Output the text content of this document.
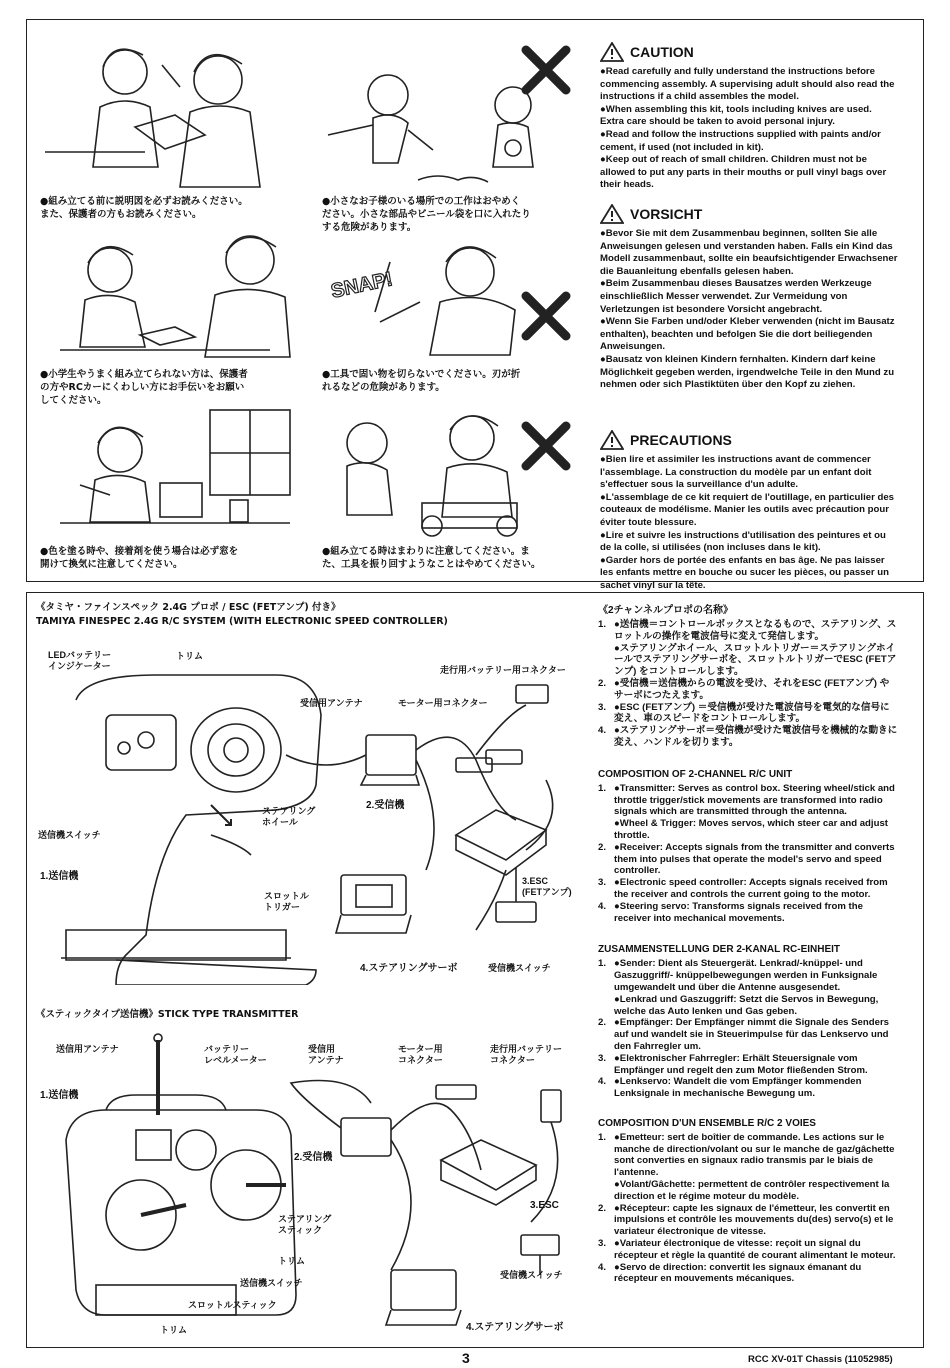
●組み立てる前に説明図を必ずお読みください。
また、保護者の方もお読みください。
●小さなお子様のいる場所での工作はおやめく
ださい。小さな部品やビニール袋を口に入れたり
する危険があります。
●小学生やうまく組み立てられない方は、保護者
の方やRCカーにくわしい方にお手伝いをお願い
してください。
SNAP!
●工具で固い物を切らないでください。刃が折
れるなどの危険があります。
●色を塗る時や、接着剤を使う場合は必ず窓を
開けて換気に注意してください。
●組み立てる時はまわりに注意してください。ま
た、工具を振り回すようなことはやめてください。
CAUTION

●Read carefully and fully understand the instructions before commencing assembly. A supervising adult should also read the instructions if a child assembles the model.

●When assembling this kit, tools including knives are used. Extra care should be taken to avoid personal injury.

●Read and follow the instructions supplied with paints and/or cement, if used (not included in kit).

●Keep out of reach of small children. Children must not be allowed to put any parts in their mouths or pull vinyl bags over their heads.

VORSICHT

●Bevor Sie mit dem Zusammenbau beginnen, sollten Sie alle Anweisungen gelesen und verstanden haben. Falls ein Kind das Modell zusammenbaut, sollte ein beaufsichtigender Erwachsener die Bauanleitung ebenfalls gelesen haben.

●Beim Zusammenbau dieses Bausatzes werden Werkzeuge einschließlich Messer verwendet. Zur Vermeidung von Verletzungen ist besondere Vorsicht angebracht.

●Wenn Sie Farben und/oder Kleber verwenden (nicht im Bausatz enthalten), beachten und befolgen Sie die dort beiliegenden Anweisungen.

●Bausatz von kleinen Kindern fernhalten. Kindern darf keine Möglichkeit gegeben werden, irgendwelche Teile in den Mund zu nehmen oder sich Plastiktüten über den Kopf zu ziehen.

PRECAUTIONS

●Bien lire et assimiler les instructions avant de commencer l'assemblage. La construction du modèle par un enfant doit s'effectuer sous la surveillance d'un adulte.

●L'assemblage de ce kit requiert de l'outillage, en particulier des couteaux de modélisme. Manier les outils avec précaution pour éviter toute blessure.

●Lire et suivre les instructions d'utilisation des peintures et ou de la colle, si utilisées (non incluses dans le kit).

●Garder hors de portée des enfants en bas âge. Ne pas laisser les enfants mettre en bouche ou sucer les pièces, ou passer un sachet vinyl sur la tête.

《タミヤ・ファインスペック 2.4G プロポ / ESC (FETアンプ) 付き》
TAMIYA FINESPEC 2.4G R/C SYSTEM (WITH ELECTRONIC SPEED CONTROLLER)
LEDバッテリー
インジケーター
トリム
走行用バッテリー用コネクター
受信用アンテナ	モーター用コネクター
ステアリング
ホイール
2.受信機
送信機スイッチ
1.送信機
スロットル
トリガー
3.ESC
(FETアンプ)
4.ステアリングサーボ	受信機スイッチ
《スティックタイプ送信機》STICK TYPE TRANSMITTER
送信用アンテナ	バッテリー
レベルメーター
受信用
アンテナ
モーター用
コネクター
走行用バッテリー
コネクター
1.送信機
2.受信機
3.ESC
ステアリング
スティック
トリム
送信機スイッチ
スロットルスティック
トリム
受信機スイッチ
4.ステアリングサーボ
《2チャンネルプロポの名称》
1. ●送信機＝コントロールボックスとなるもので、ステアリング、スロットルの操作を電波信号に変えて発信します。
●ステアリングホイール、スロットルトリガー＝ステアリングホイールでステアリングサーボを、スロットルトリガーでESC (FETアンプ) をコントロールします。
2. ●受信機＝送信機からの電波を受け、それをESC (FETアンプ) やサーボにつたえます。
3. ●ESC (FETアンプ) ＝受信機が受けた電波信号を電気的な信号に変え、車のスピードをコントロールします。
4. ●ステアリングサーボ＝受信機が受けた電波信号を機械的な動きに変え、ハンドルを切ります。
COMPOSITION OF 2-CHANNEL R/C UNIT
1. ●Transmitter: Serves as control box. Steering wheel/stick and throttle trigger/stick movements are transformed into radio signals which are transmitted through the antenna.
●Wheel & Trigger: Moves servos, which steer car and adjust throttle.
2. ●Receiver: Accepts signals from the transmitter and converts them into pulses that operate the model's servo and speed controller.
3. ●Electronic speed controller: Accepts signals received from the receiver and controls the current going to the motor.
4. ●Steering servo: Transforms signals received from the receiver into mechanical movements.
ZUSAMMENSTELLUNG DER 2-KANAL RC-EINHEIT
1. ●Sender: Dient als Steuergerät. Lenkrad/-knüppel- und Gaszuggriff/- knüppelbewegungen werden in Funksignale umgewandelt und über die Antenne ausgesendet.
●Lenkrad und Gaszuggriff: Setzt die Servos in Bewegung, welche das Auto lenken und Gas geben.
2. ●Empfänger: Der Empfänger nimmt die Signale des Senders auf und wandelt sie in Steuerimpulse für das Lenkservo und den Fahrregler um.
3. ●Elektronischer Fahrregler: Erhält Steuersignale vom Empfänger und regelt den zum Motor fließenden Strom.
4. ●Lenkservo: Wandelt die vom Empfänger kommenden Lenksignale in mechanische Bewegung um.
COMPOSITION D'UN ENSEMBLE R/C 2 VOIES
1. ●Emetteur: sert de boîtier de commande. Les actions sur le manche de direction/volant ou sur le manche de gaz/gâchette sont converties en signaux radio transmis par le biais de l'antenne.
●Volant/Gâchette: permettent de contrôler respectivement la direction et le régime moteur du modèle.
2. ●Récepteur: capte les signaux de l'émetteur, les convertit en impulsions et contrôle les mouvements du(des) servo(s) et le variateur électronique de vitesse.
3. ●Variateur électronique de vitesse: reçoit un signal du récepteur et règle la quantité de courant alimentant le moteur.
4. ●Servo de direction: convertit les signaux émanant du récepteur en mouvements mécaniques.
3	RCC XV-01T Chassis (11052985)
